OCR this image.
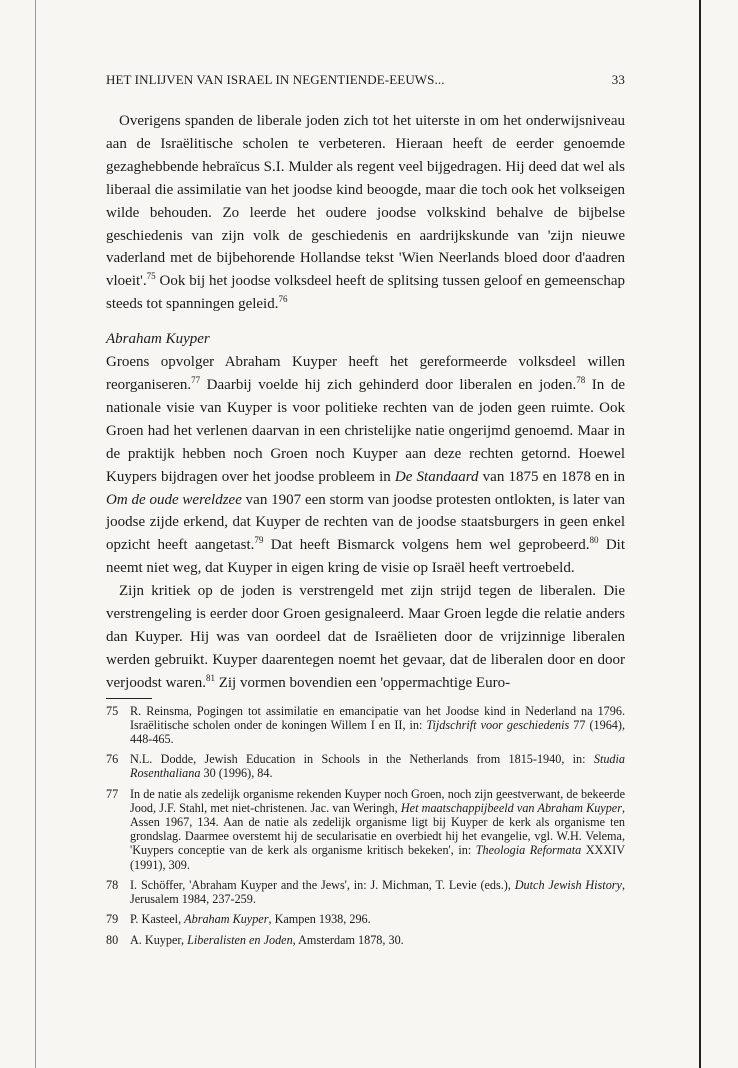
HET INLIJVEN VAN ISRAEL IN NEGENTIENDE-EEUWS...	33

Overigens spanden de liberale joden zich tot het uiterste in om het onderwijsniveau aan de Israëlitische scholen te verbeteren. Hieraan heeft de eerder genoemde gezaghebbende hebraïcus S.I. Mulder als regent veel bijgedragen. Hij deed dat wel als liberaal die assimilatie van het joodse kind beoogde, maar die toch ook het volkseigen wilde behouden. Zo leerde het oudere joodse volkskind behalve de bijbelse geschiedenis van zijn volk de geschiedenis en aardrijkskunde van 'zijn nieuwe vaderland met de bijbehorende Hollandse tekst 'Wien Neerlands bloed door d'aadren vloeit'.$^{75}$ Ook bij het joodse volksdeel heeft de splitsing tussen geloof en gemeenschap steeds tot spanningen geleid.$^{76}$

Abraham Kuyper

Groens opvolger Abraham Kuyper heeft het gereformeerde volksdeel willen reorganiseren.$^{77}$ Daarbij voelde hij zich gehinderd door liberalen en joden.$^{78}$ In de nationale visie van Kuyper is voor politieke rechten van de joden geen ruimte. Ook Groen had het verlenen daarvan in een christelijke natie ongerijmd genoemd. Maar in de praktijk hebben noch Groen noch Kuyper aan deze rechten getornd. Hoewel Kuypers bijdragen over het joodse probleem in De Standaard van 1875 en 1878 en in Om de oude wereldzee van 1907 een storm van joodse protesten ontlokten, is later van joodse zijde erkend, dat Kuyper de rechten van de joodse staatsburgers in geen enkel opzicht heeft aangetast.$^{79}$ Dat heeft Bismarck volgens hem wel geprobeerd.$^{80}$ Dit neemt niet weg, dat Kuyper in eigen kring de visie op Israël heeft vertroebeld.

Zijn kritiek op de joden is verstrengeld met zijn strijd tegen de liberalen. Die verstrengeling is eerder door Groen gesignaleerd. Maar Groen legde die relatie anders dan Kuyper. Hij was van oordeel dat de Israëlieten door de vrijzinnige liberalen werden gebruikt. Kuyper daarentegen noemt het gevaar, dat de liberalen door en door verjoodst waren.$^{81}$ Zij vormen bovendien een 'oppermachtige Euro-

75 R. Reinsma, Pogingen tot assimilatie en emancipatie van het Joodse kind in Nederland na 1796. Israëlitische scholen onder de koningen Willem I en II, in: Tijdschrift voor geschiedenis 77 (1964), 448-465.
76 N.L. Dodde, Jewish Education in Schools in the Netherlands from 1815-1940, in: Studia Rosenthaliana 30 (1996), 84.
77 In de natie als zedelijk organisme rekenden Kuyper noch Groen, noch zijn geestverwant, de bekeerde Jood, J.F. Stahl, met niet-christenen. Jac. van Weringh, Het maatschappijbeeld van Abraham Kuyper, Assen 1967, 134. Aan de natie als zedelijk organisme ligt bij Kuyper de kerk als organisme ten grondslag. Daarmee overstemt hij de secularisatie en overbiedt hij het evangelie, vgl. W.H. Velema, 'Kuypers conceptie van de kerk als organisme kritisch bekeken', in: Theologia Reformata XXXIV (1991), 309.
78 I. Schöffer, 'Abraham Kuyper and the Jews', in: J. Michman, T. Levie (eds.), Dutch Jewish History, Jerusalem 1984, 237-259.
79 P. Kasteel, Abraham Kuyper, Kampen 1938, 296.
80 A. Kuyper, Liberalisten en Joden, Amsterdam 1878, 30.
